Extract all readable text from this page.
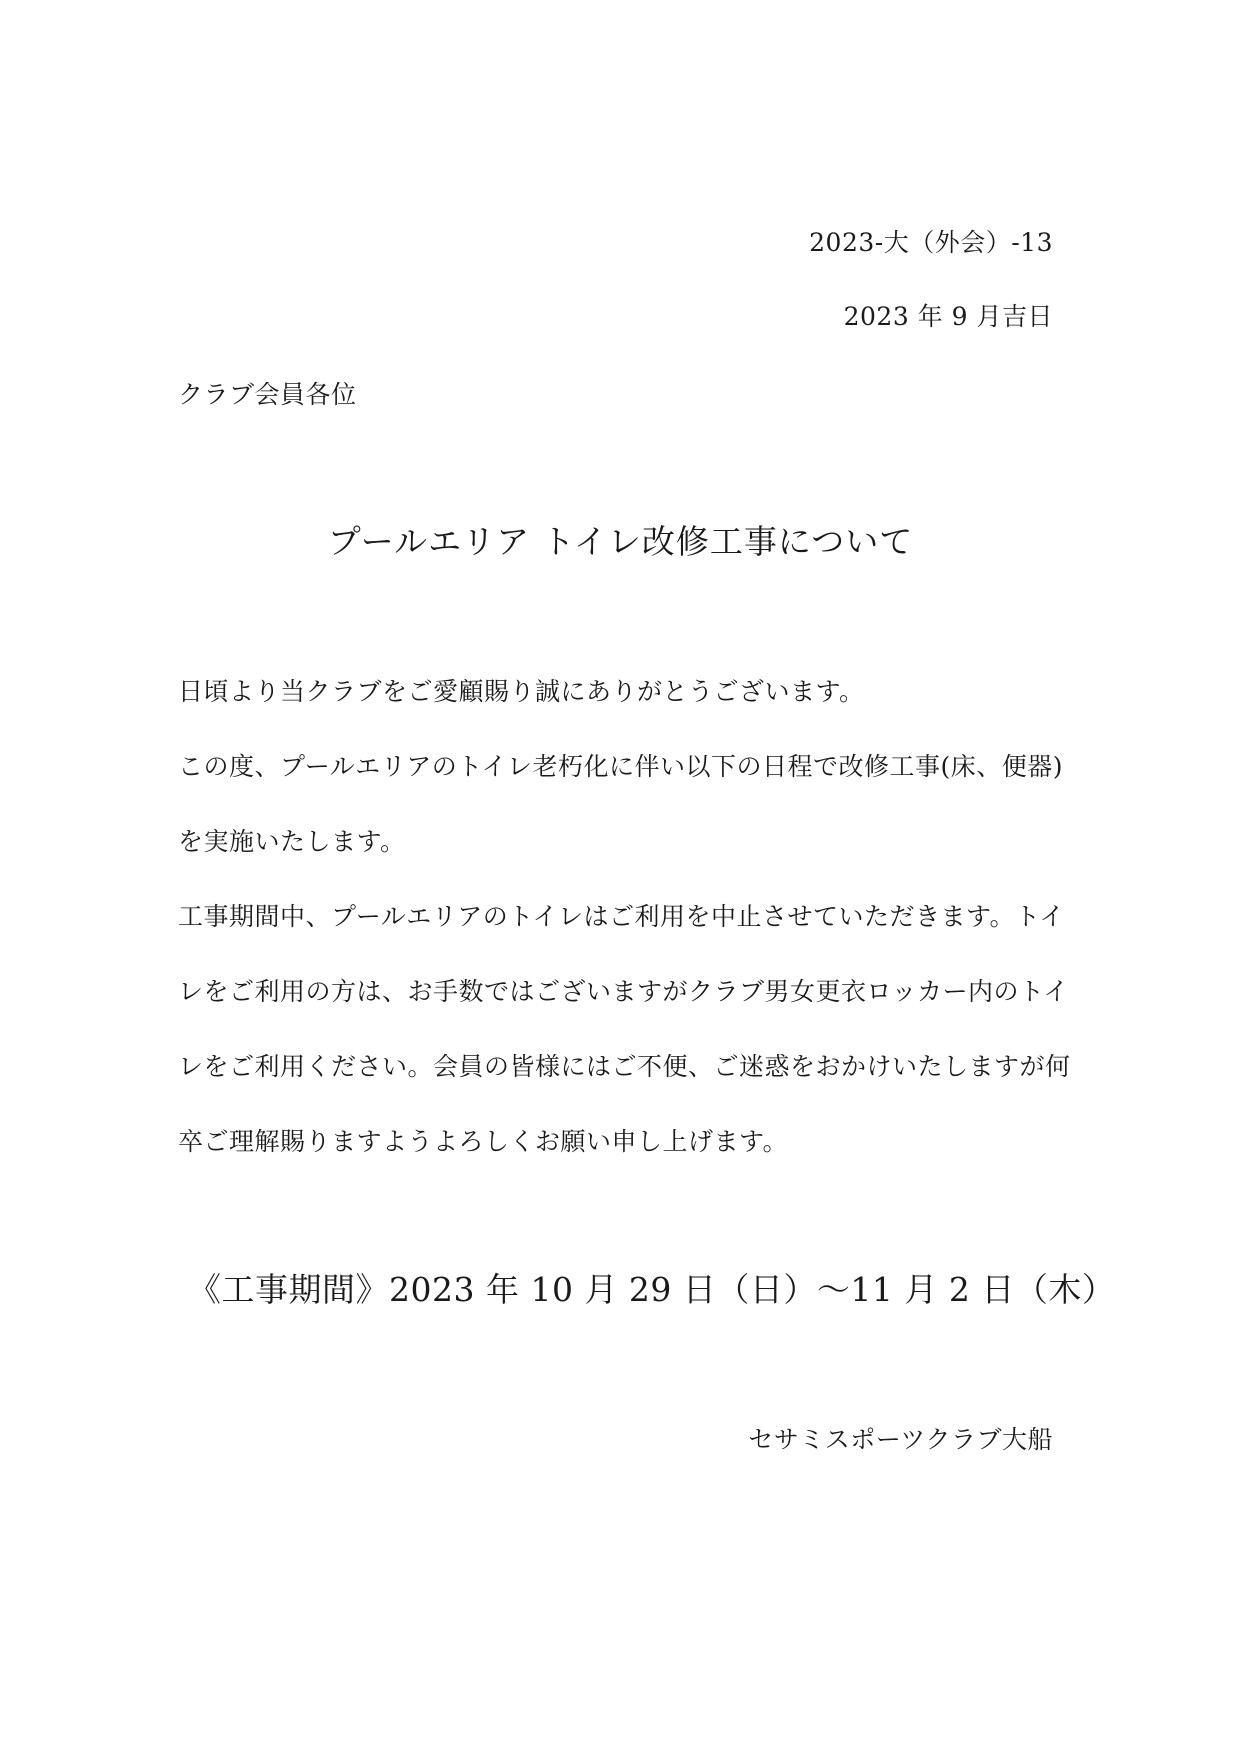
2023-大（外会）-13
2023 年 9 月吉日
クラブ会員各位
プールエリア トイレ改修工事について
日頃より当クラブをご愛顧賜り誠にありがとうございます。
この度、プールエリアのトイレ老朽化に伴い以下の日程で改修工事(床、便器)
を実施いたします。
工事期間中、プールエリアのトイレはご利用を中止させていただきます。トイ
レをご利用の方は、お手数ではございますがクラブ男女更衣ロッカー内のトイ
レをご利用ください。会員の皆様にはご不便、ご迷惑をおかけいたしますが何
卒ご理解賜りますようよろしくお願い申し上げます。
《工事期間》2023 年 10 月 29 日（日）〜11 月 2 日（木）
セサミスポーツクラブ大船
